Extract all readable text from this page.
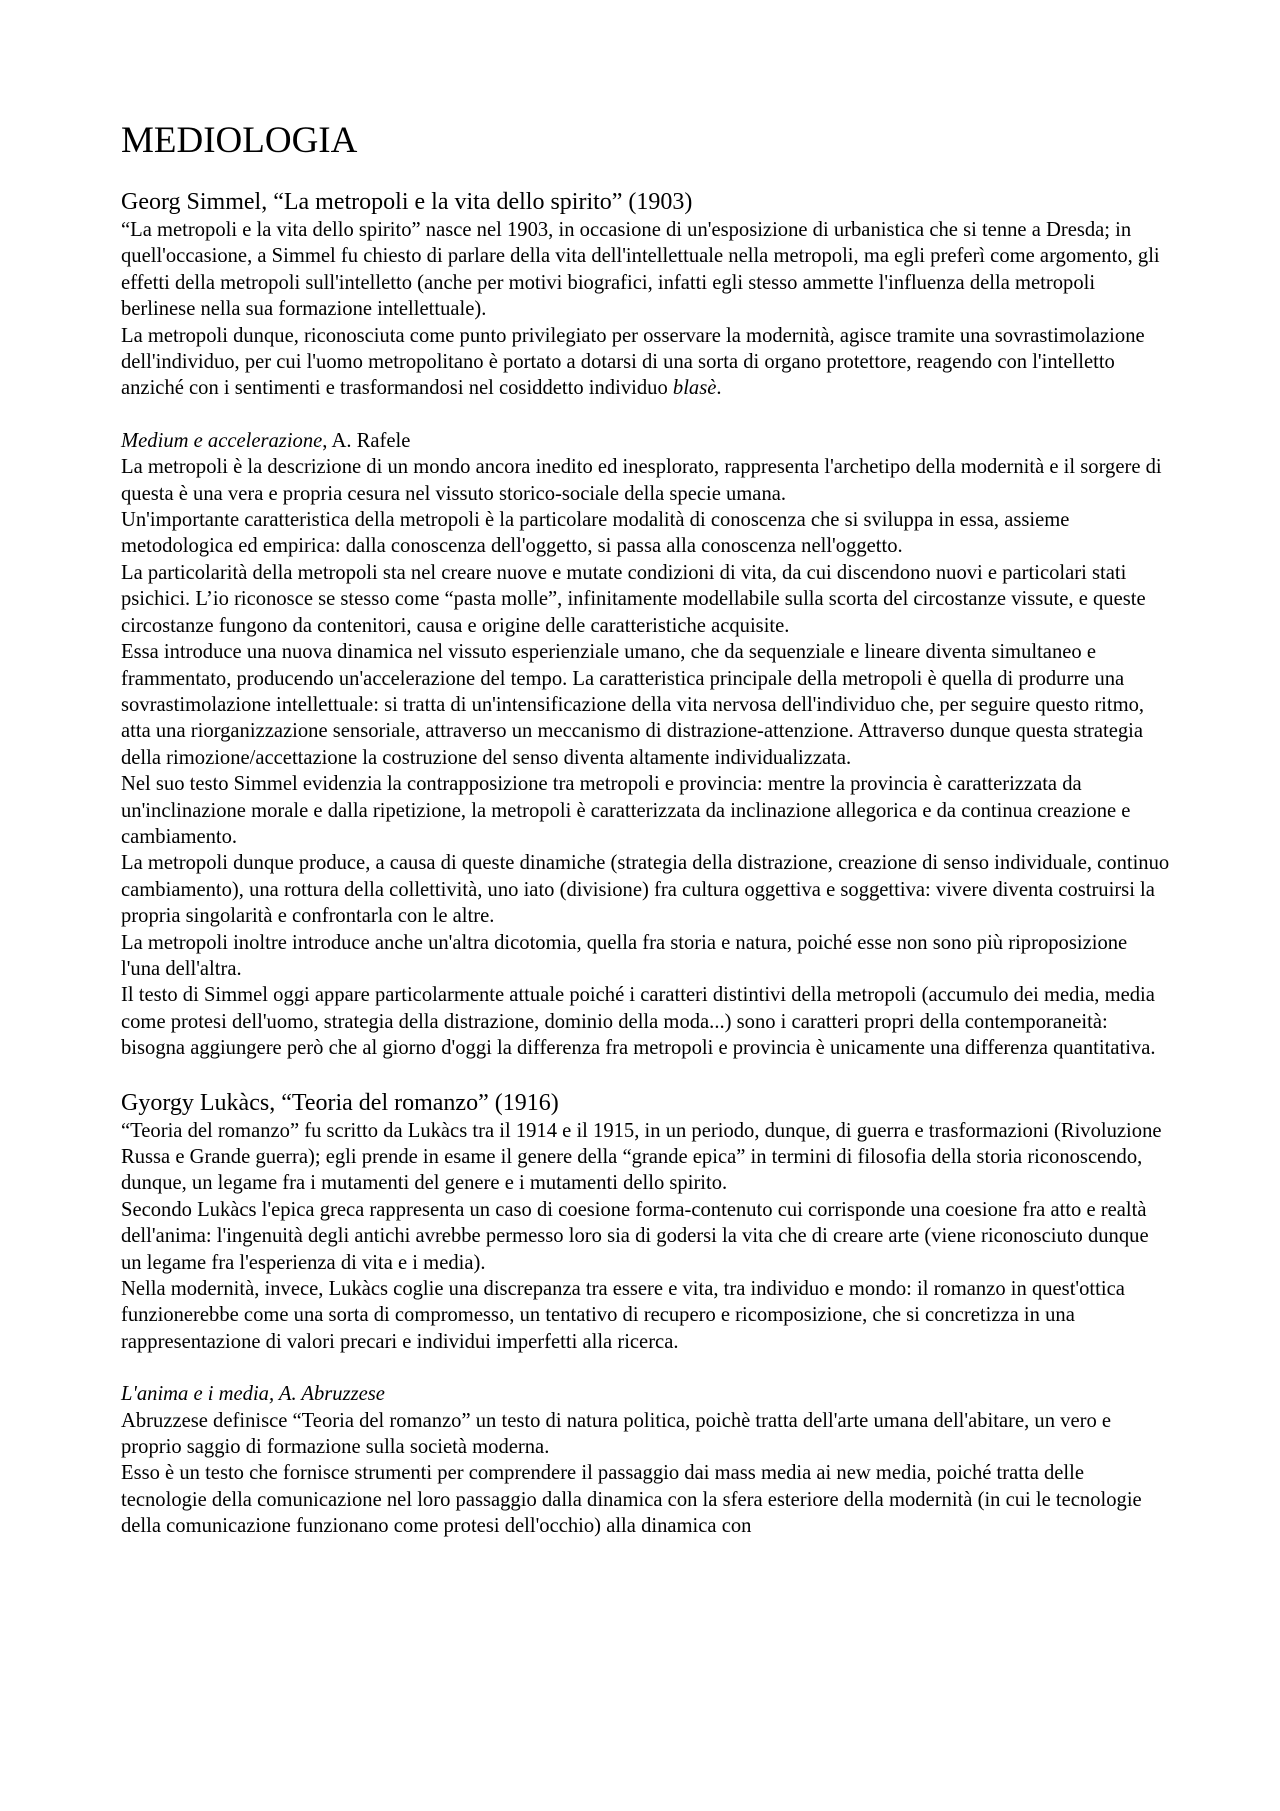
MEDIOLOGIA
Georg Simmel, “La metropoli e la vita dello spirito” (1903)

“La metropoli e la vita dello spirito” nasce nel 1903, in occasione di un'esposizione di urbanistica che si tenne a Dresda; in quell'occasione, a Simmel fu chiesto di parlare della vita dell'intellettuale nella metropoli, ma egli preferì come argomento, gli effetti della metropoli sull'intelletto (anche per motivi biografici, infatti egli stesso ammette l'influenza della metropoli berlinese nella sua formazione intellettuale).

La metropoli dunque, riconosciuta come punto privilegiato per osservare la modernità, agisce tramite una sovrastimolazione dell'individuo, per cui l'uomo metropolitano è portato a dotarsi di una sorta di organo protettore, reagendo con l'intelletto anziché con i sentimenti e trasformandosi nel cosiddetto individuo blasè.

Medium e accelerazione, A. Rafele

La metropoli è la descrizione di un mondo ancora inedito ed inesplorato, rappresenta l'archetipo della modernità e il sorgere di questa è una vera e propria cesura nel vissuto storico-sociale della specie umana.

Un'importante caratteristica della metropoli è la particolare modalità di conoscenza che si sviluppa in essa, assieme metodologica ed empirica: dalla conoscenza dell'oggetto, si passa alla conoscenza nell'oggetto.

La particolarità della metropoli sta nel creare nuove e mutate condizioni di vita, da cui discendono nuovi e particolari stati psichici. L’io riconosce se stesso come “pasta molle”, infinitamente modellabile sulla scorta del circostanze vissute, e queste circostanze fungono da contenitori, causa e origine delle caratteristiche acquisite.

Essa introduce una nuova dinamica nel vissuto esperienziale umano, che da sequenziale e lineare diventa simultaneo e frammentato, producendo un'accelerazione del tempo. La caratteristica principale della metropoli è quella di produrre una sovrastimolazione intellettuale: si tratta di un'intensificazione della vita nervosa dell'individuo che, per seguire questo ritmo, atta una riorganizzazione sensoriale, attraverso un meccanismo di distrazione-attenzione. Attraverso dunque questa strategia della rimozione/accettazione la costruzione del senso diventa altamente individualizzata.

Nel suo testo Simmel evidenzia la contrapposizione tra metropoli e provincia: mentre la provincia è caratterizzata da un'inclinazione morale e dalla ripetizione, la metropoli è caratterizzata da inclinazione allegorica e da continua creazione e cambiamento.

La metropoli dunque produce, a causa di queste dinamiche (strategia della distrazione, creazione di senso individuale, continuo cambiamento), una rottura della collettività, uno iato (divisione) fra cultura oggettiva e soggettiva: vivere diventa costruirsi la propria singolarità e confrontarla con le altre.

La metropoli inoltre introduce anche un'altra dicotomia, quella fra storia e natura, poiché esse non sono più riproposizione l'una dell'altra.

Il testo di Simmel oggi appare particolarmente attuale poiché i caratteri distintivi della metropoli (accumulo dei media, media come protesi dell'uomo, strategia della distrazione, dominio della moda...) sono i caratteri propri della contemporaneità: bisogna aggiungere però che al giorno d'oggi la differenza fra metropoli e provincia è unicamente una differenza quantitativa.

Gyorgy Lukàcs, “Teoria del romanzo” (1916)

“Teoria del romanzo” fu scritto da Lukàcs tra il 1914 e il 1915, in un periodo, dunque, di guerra e trasformazioni (Rivoluzione Russa e Grande guerra); egli prende in esame il genere della “grande epica” in termini di filosofia della storia riconoscendo, dunque, un legame fra i mutamenti del genere e i mutamenti dello spirito.

Secondo Lukàcs l'epica greca rappresenta un caso di coesione forma-contenuto cui corrisponde una coesione fra atto e realtà dell'anima: l'ingenuità degli antichi avrebbe permesso loro sia di godersi la vita che di creare arte (viene riconosciuto dunque un legame fra l'esperienza di vita e i media).

Nella modernità, invece, Lukàcs coglie una discrepanza tra essere e vita, tra individuo e mondo: il romanzo in quest'ottica funzionerebbe come una sorta di compromesso, un tentativo di recupero e ricomposizione, che si concretizza in una rappresentazione di valori precari e individui imperfetti alla ricerca.

L'anima e i media, A. Abruzzese

Abruzzese definisce “Teoria del romanzo” un testo di natura politica, poichè tratta dell'arte umana dell'abitare, un vero e proprio saggio di formazione sulla società moderna.

Esso è un testo che fornisce strumenti per comprendere il passaggio dai mass media ai new media, poiché tratta delle tecnologie della comunicazione nel loro passaggio dalla dinamica con la sfera esteriore della modernità (in cui le tecnologie della comunicazione funzionano come protesi dell'occhio) alla dinamica con
